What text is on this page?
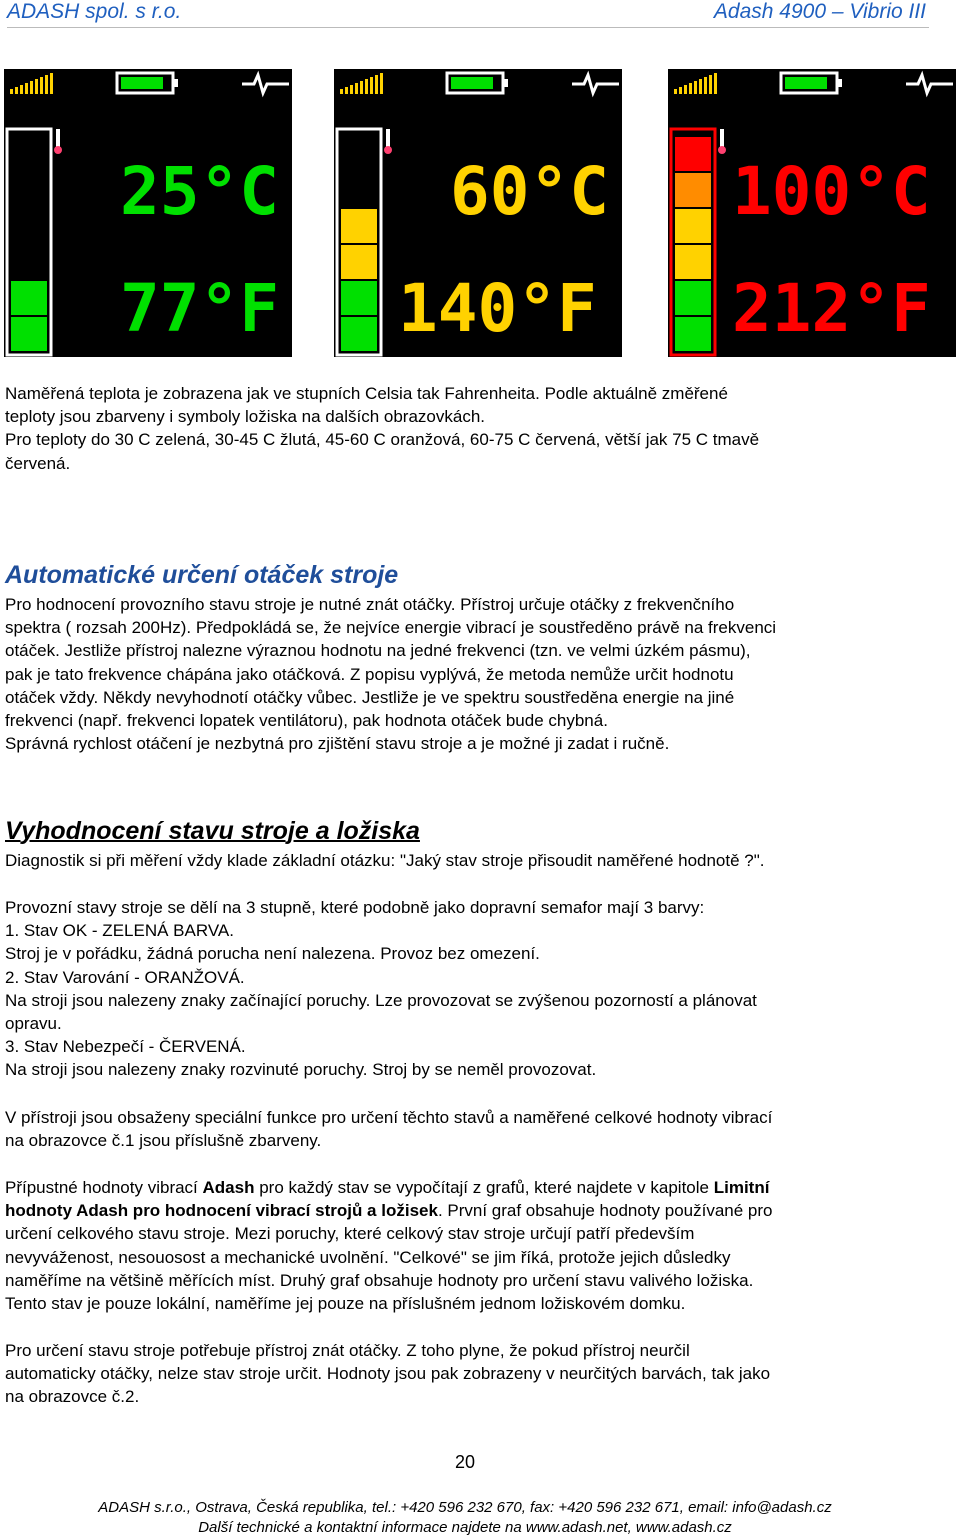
ADASH spol. s r.o.	Adash 4900 – Vibrio III
25°C
77°F
60°C
140°F
100°C
212°F
Naměřená teplota je zobrazena jak ve stupních Celsia tak Fahrenheita. Podle aktuálně změřené
teploty jsou zbarveny i symboly ložiska na dalších obrazovkách.
Pro teploty do 30 C zelená, 30-45 C žlutá, 45-60 C oranžová, 60-75 C červená, větší jak 75 C tmavě
červená.
Automatické určení otáček stroje
Pro hodnocení provozního stavu stroje je nutné znát otáčky. Přístroj určuje otáčky z frekvenčního
spektra ( rozsah 200Hz). Předpokládá se, že nejvíce energie vibrací je soustředěno právě na frekvenci
otáček. Jestliže přístroj nalezne výraznou hodnotu na jedné frekvenci (tzn. ve velmi úzkém pásmu),
pak je tato frekvence chápána jako otáčková. Z popisu vyplývá, že metoda nemůže určit hodnotu
otáček vždy. Někdy nevyhodnotí otáčky vůbec. Jestliže je ve spektru soustředěna energie na jiné
frekvenci (např. frekvenci lopatek ventilátoru), pak hodnota otáček bude chybná.
Správná rychlost otáčení je nezbytná pro zjištění stavu stroje a je možné ji zadat i ručně.
Vyhodnocení stavu stroje a ložiska
Diagnostik si při měření vždy klade základní otázku: "Jaký stav stroje přisoudit naměřené hodnotě ?".
Provozní stavy stroje se dělí na 3 stupně, které podobně jako dopravní semafor mají 3 barvy:
1. Stav OK - ZELENÁ BARVA.
Stroj je v pořádku, žádná porucha není nalezena. Provoz bez omezení.
2. Stav Varování - ORANŽOVÁ.
Na stroji jsou nalezeny znaky začínající poruchy. Lze provozovat se zvýšenou pozorností a plánovat
opravu.
3. Stav Nebezpečí - ČERVENÁ.
Na stroji jsou nalezeny znaky rozvinuté poruchy. Stroj by se neměl provozovat.
V přístroji jsou obsaženy speciální funkce pro určení těchto stavů a naměřené celkové hodnoty vibrací
na obrazovce č.1 jsou příslušně zbarveny.
Přípustné hodnoty vibrací Adash pro každý stav se vypočítají z grafů, které najdete v kapitole Limitní
hodnoty Adash pro hodnocení vibrací strojů a ložisek. První graf obsahuje hodnoty používané pro
určení celkového stavu stroje. Mezi poruchy, které celkový stav stroje určují patří především
nevyváženost, nesouosost a mechanické uvolnění. "Celkové" se jim říká, protože jejich důsledky
naměříme na většině měřících míst. Druhý graf obsahuje hodnoty pro určení stavu valivého ložiska.
Tento stav je pouze lokální, naměříme jej pouze na příslušném jednom ložiskovém domku.
Pro určení stavu stroje potřebuje přístroj znát otáčky. Z toho plyne, že pokud přístroj neurčil
automaticky otáčky, nelze stav stroje určit. Hodnoty jsou pak zobrazeny v neurčitých barvách, tak jako
na obrazovce č.2.
20
ADASH s.r.o., Ostrava, Česká republika, tel.: +420 596 232 670, fax: +420 596 232 671, email: info@adash.cz
Další technické a kontaktní informace najdete na www.adash.net, www.adash.cz
